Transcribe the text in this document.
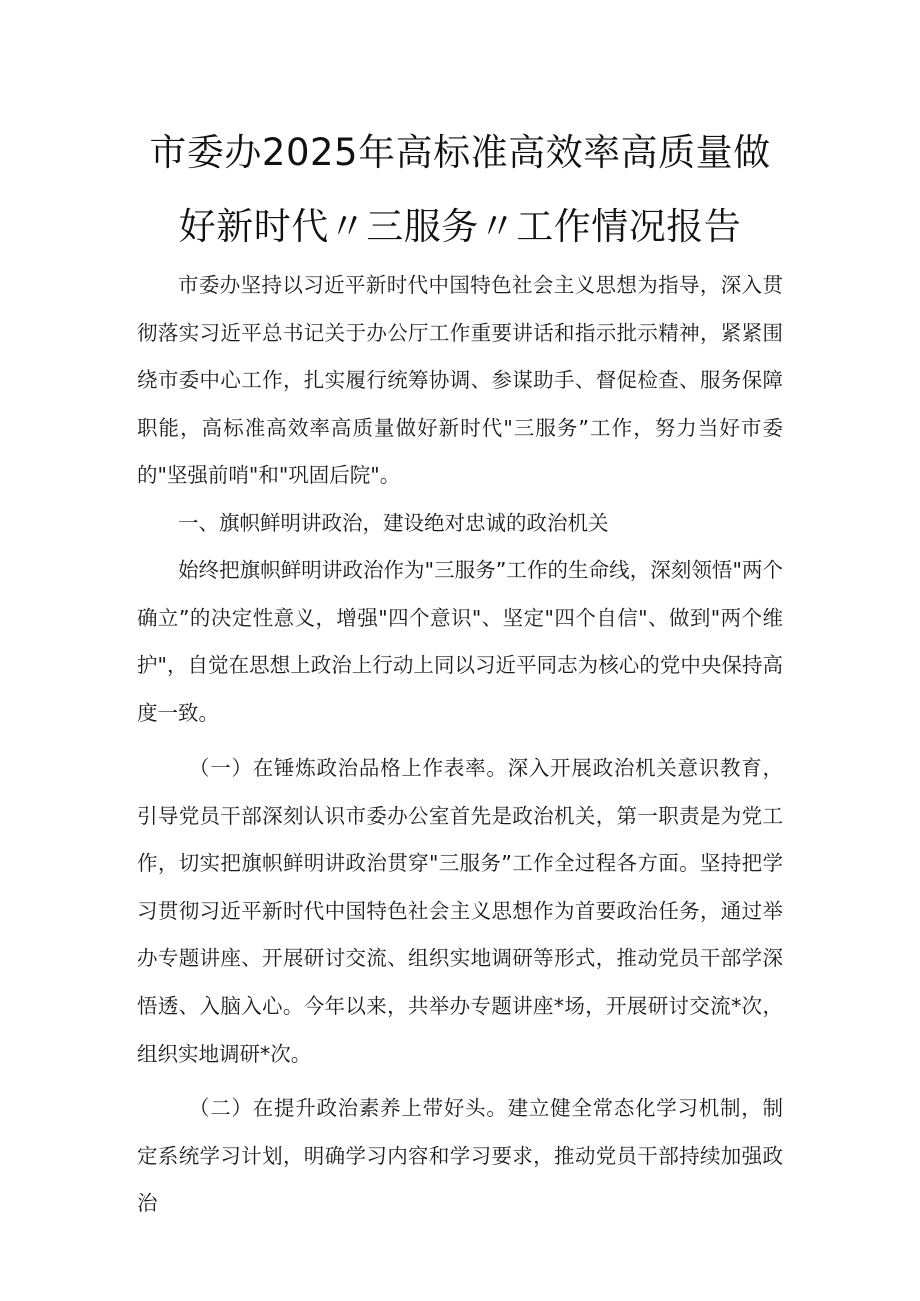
市委办2025年高标准高效率高质量做
好新时代〃三服务〃工作情况报告

市委办坚持以习近平新时代中国特色社会主义思想为指导，深入贯彻落实习近平总书记关于办公厅工作重要讲话和指示批示精神，紧紧围绕市委中心工作，扎实履行统筹协调、参谋助手、督促检查、服务保障职能，高标准高效率高质量做好新时代"三服务”工作，努力当好市委的"坚强前哨"和"巩固后院"。

一、旗帜鲜明讲政治，建设绝对忠诚的政治机关

始终把旗帜鲜明讲政治作为"三服务”工作的生命线，深刻领悟"两个确立”的决定性意义，增强"四个意识"、坚定"四个自信"、做到"两个维护"，自觉在思想上政治上行动上同以习近平同志为核心的党中央保持高度一致。

（一）在锤炼政治品格上作表率。深入开展政治机关意识教育，引导党员干部深刻认识市委办公室首先是政治机关，第一职责是为党工作，切实把旗帜鲜明讲政治贯穿"三服务”工作全过程各方面。坚持把学习贯彻习近平新时代中国特色社会主义思想作为首要政治任务，通过举办专题讲座、开展研讨交流、组织实地调研等形式，推动党员干部学深悟透、入脑入心。今年以来，共举办专题讲座*场，开展研讨交流*次，组织实地调研*次。

（二）在提升政治素养上带好头。建立健全常态化学习机制，制定系统学习计划，明确学习内容和学习要求，推动党员干部持续加强政治
